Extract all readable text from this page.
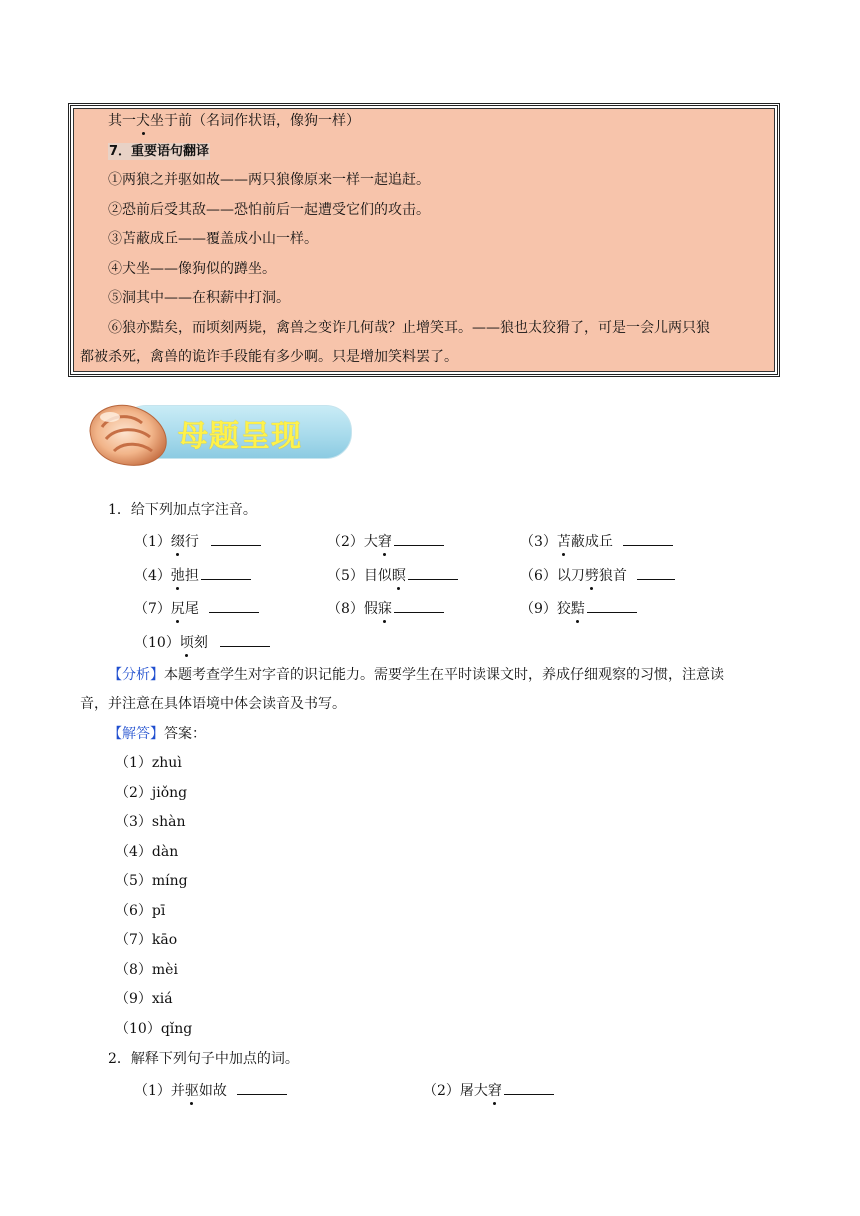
其一犬坐于前（名词作状语，像狗一样）
7．重要语句翻译
①两狼之并驱如故——两只狼像原来一样一起追赶。
②恐前后受其敌——恐怕前后一起遭受它们的攻击。
③苫蔽成丘——覆盖成小山一样。
④犬坐——像狗似的蹲坐。
⑤洞其中——在积薪中打洞。
⑥狼亦黠矣，而顷刻两毙，禽兽之变诈几何哉？止增笑耳。——狼也太狡猾了，可是一会儿两只狼
都被杀死，禽兽的诡诈手段能有多少啊。只是增加笑料罢了。
母题呈现
1．给下列加点字注音。
（1）缀行	（2）大窘	（3）苫蔽成丘
（4）弛担	（5）目似瞑	（6）以刀劈狼首
（7）尻尾	（8）假寐	（9）狡黠
（10）顷刻
【分析】本题考查学生对字音的识记能力。需要学生在平时读课文时，养成仔细观察的习惯，注意读
音，并注意在具体语境中体会读音及书写。
【解答】答案：
（1）zhuì
（2）jiǒng
（3）shàn
（4）dàn
（5）míng
（6）pī
（7）kāo
（8）mèi
（9）xiá
（10）qǐng
2．解释下列句子中加点的词。
（1）并驱如故	（2）屠大窘
